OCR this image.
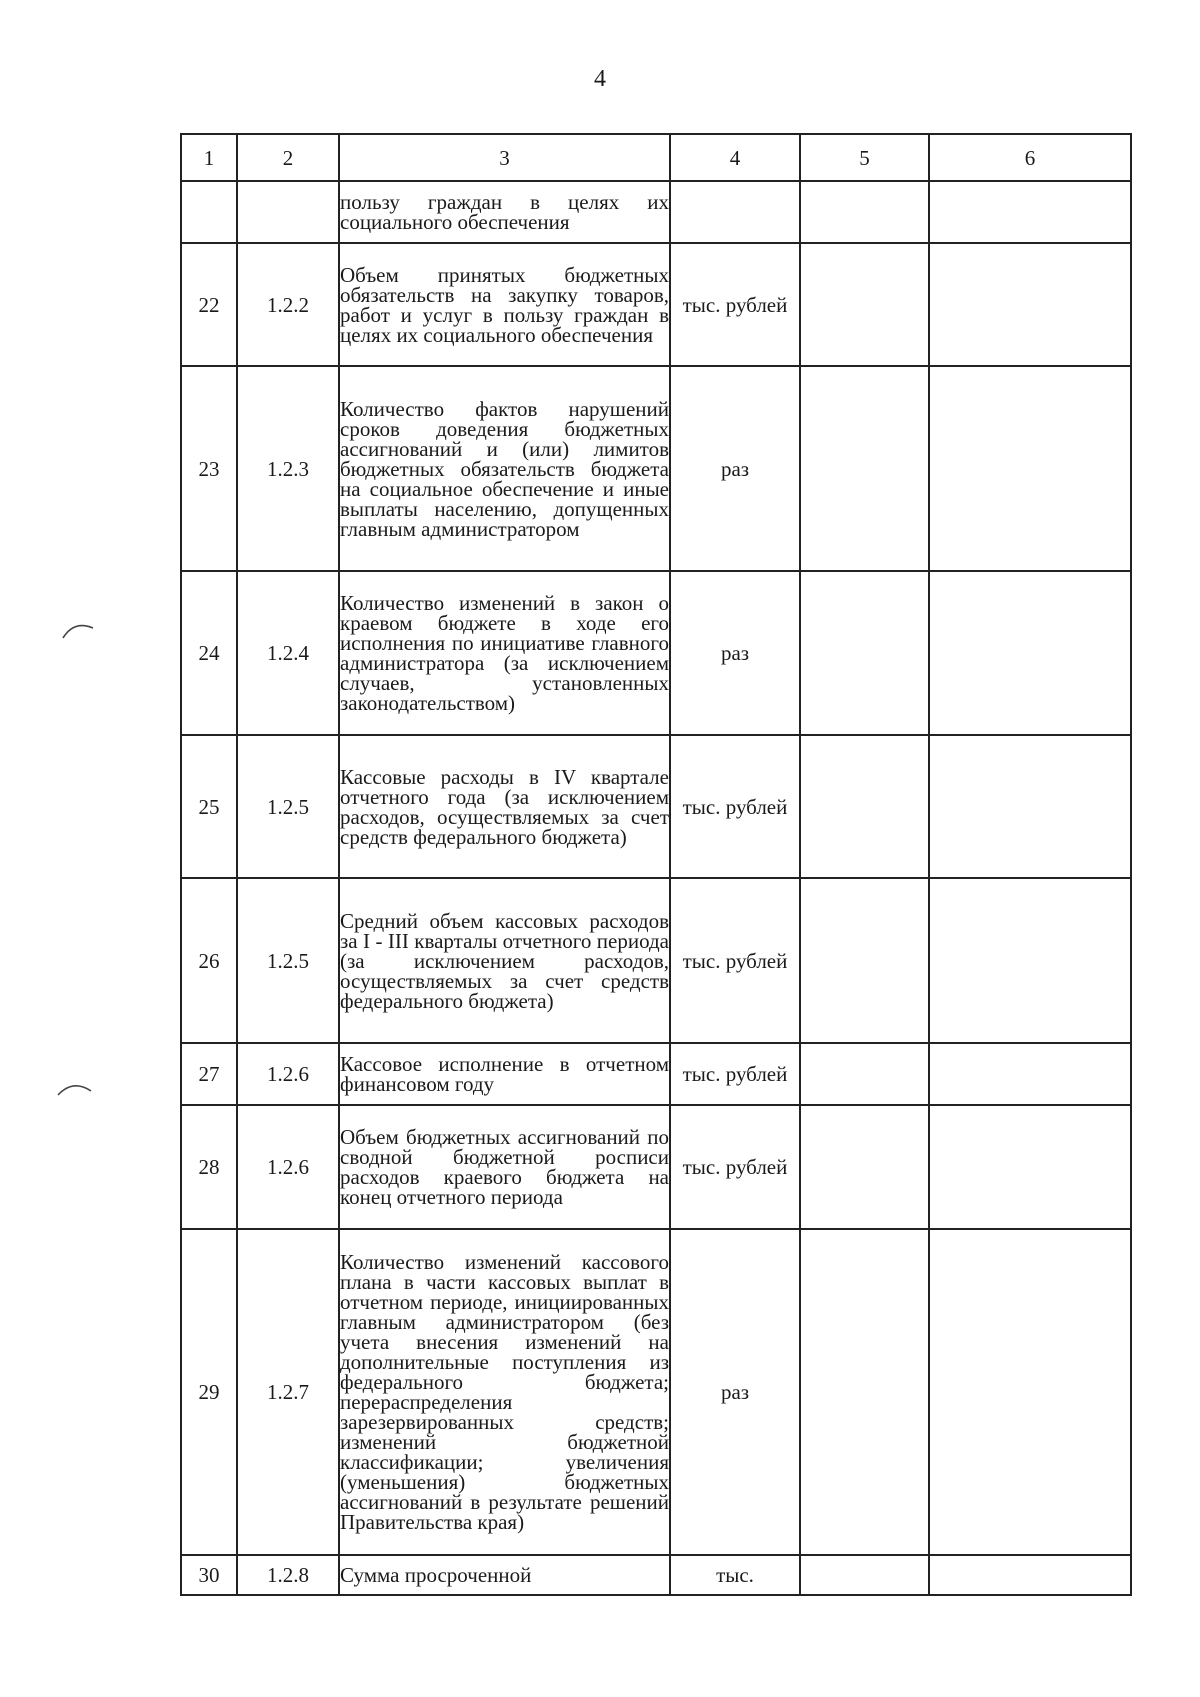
4
1	2	3	4	5	6
		пользу граждан в целях их социального обеспечения			
22	1.2.2	Объем принятых бюджетных обязательств на закупку товаров, работ и услуг в пользу граждан в целях их социального обеспечения	тыс. рублей		
23	1.2.3	Количество фактов нарушений сроков доведения бюджетных ассигнований и (или) лимитов бюджетных обязательств бюджета на социальное обеспечение и иные выплаты населению, допущенных главным администратором	раз		
24	1.2.4	Количество изменений в закон о краевом бюджете в ходе его исполнения по инициативе главного администратора (за исключением случаев, установленных законодательством)	раз		
25	1.2.5	Кассовые расходы в IV квартале отчетного года (за исключением расходов, осуществляемых за счет средств федерального бюджета)	тыс. рублей		
26	1.2.5	Средний объем кассовых расходов за I - III кварталы отчетного периода (за исключением расходов, осуществляемых за счет средств федерального бюджета)	тыс. рублей		
27	1.2.6	Кассовое исполнение в отчетном финансовом году	тыс. рублей		
28	1.2.6	Объем бюджетных ассигнований по сводной бюджетной росписи расходов краевого бюджета на конец отчетного периода	тыс. рублей		
29	1.2.7	Количество изменений кассового плана в части кассовых выплат в отчетном периоде, инициированных главным администратором (без учета внесения изменений на дополнительные поступления из федерального бюджета; перераспределения зарезервированных средств; изменений бюджетной классификации; увеличения (уменьшения) бюджетных ассигнований в результате решений Правительства края)	раз		
30	1.2.8	Сумма просроченной	тыс.		
